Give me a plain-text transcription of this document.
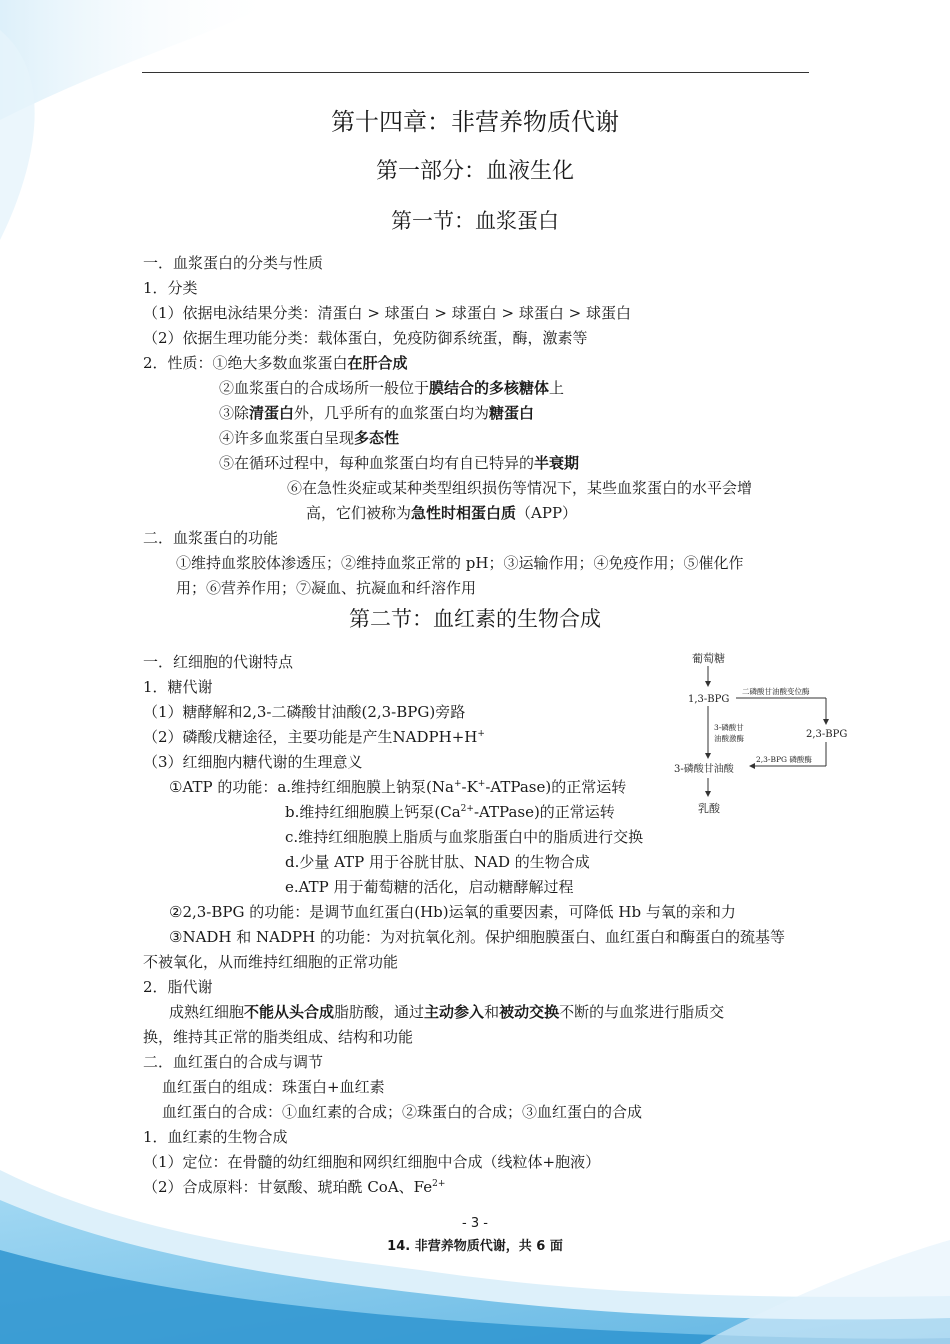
第十四章：非营养物质代谢
第一部分：血液生化
第一节：血浆蛋白
一．血浆蛋白的分类与性质
1．分类
（1）依据电泳结果分类：清蛋白 > 球蛋白 > 球蛋白 > 球蛋白 > 球蛋白
（2）依据生理功能分类：载体蛋白，免疫防御系统蛋，酶，激素等
2．性质：①绝大多数血浆蛋白在肝合成
②血浆蛋白的合成场所一般位于膜结合的多核糖体上
③除清蛋白外，几乎所有的血浆蛋白均为糖蛋白
④许多血浆蛋白呈现多态性
⑤在循环过程中，每种血浆蛋白均有自已特异的半衰期
⑥在急性炎症或某种类型组织损伤等情况下，某些血浆蛋白的水平会增
高，它们被称为急性时相蛋白质（APP）
二．血浆蛋白的功能
①维持血浆胶体渗透压；②维持血浆正常的 pH；③运输作用；④免疫作用；⑤催化作
用；⑥营养作用；⑦凝血、抗凝血和纤溶作用
第二节：血红素的生物合成
一．红细胞的代谢特点
1．糖代谢
（1）糖酵解和2,3-二磷酸甘油酸(2,3-BPG)旁路
（2）磷酸戊糖途径，主要功能是产生NADPH+H+
（3）红细胞内糖代谢的生理意义
①ATP 的功能：a.维持红细胞膜上钠泵(Na+-K+-ATPase)的正常运转
b.维持红细胞膜上钙泵$(Ca^{2+}-ATPase)$的正常运转
c.维持红细胞膜上脂质与血浆脂蛋白中的脂质进行交换
d.少量 ATP 用于谷胱甘肽、NAD 的生物合成
e.ATP 用于葡萄糖的活化，启动糖酵解过程
②2,3-BPG 的功能：是调节血红蛋白(Hb)运氧的重要因素，可降低 Hb 与氧的亲和力
③NADH 和 NADPH 的功能：为对抗氧化剂。保护细胞膜蛋白、血红蛋白和酶蛋白的巯基等
不被氧化，从而维持红细胞的正常功能
2．脂代谢
成熟红细胞不能从头合成脂肪酸，通过主动参入和被动交换不断的与血浆进行脂质交
换，维持其正常的脂类组成、结构和功能
二．血红蛋白的合成与调节
血红蛋白的组成：珠蛋白+血红素
血红蛋白的合成：①血红素的合成；②珠蛋白的合成；③血红蛋白的合成
1．血红素的生物合成
（1）定位：在骨髓的幼红细胞和网织红细胞中合成（线粒体+胞液）
（2）合成原料：甘氨酸、琥珀酰 CoA、$Fe^{2+}$
葡萄糖
1,3-BPG
二磷酸甘油酸变位酶
3-磷酸甘
油酸激酶	2,3-BPG
2,3-BPG 磷酸酶
3-磷酸甘油酸
乳酸
- 3 -
14. 非营养物质代谢，共 6 面
